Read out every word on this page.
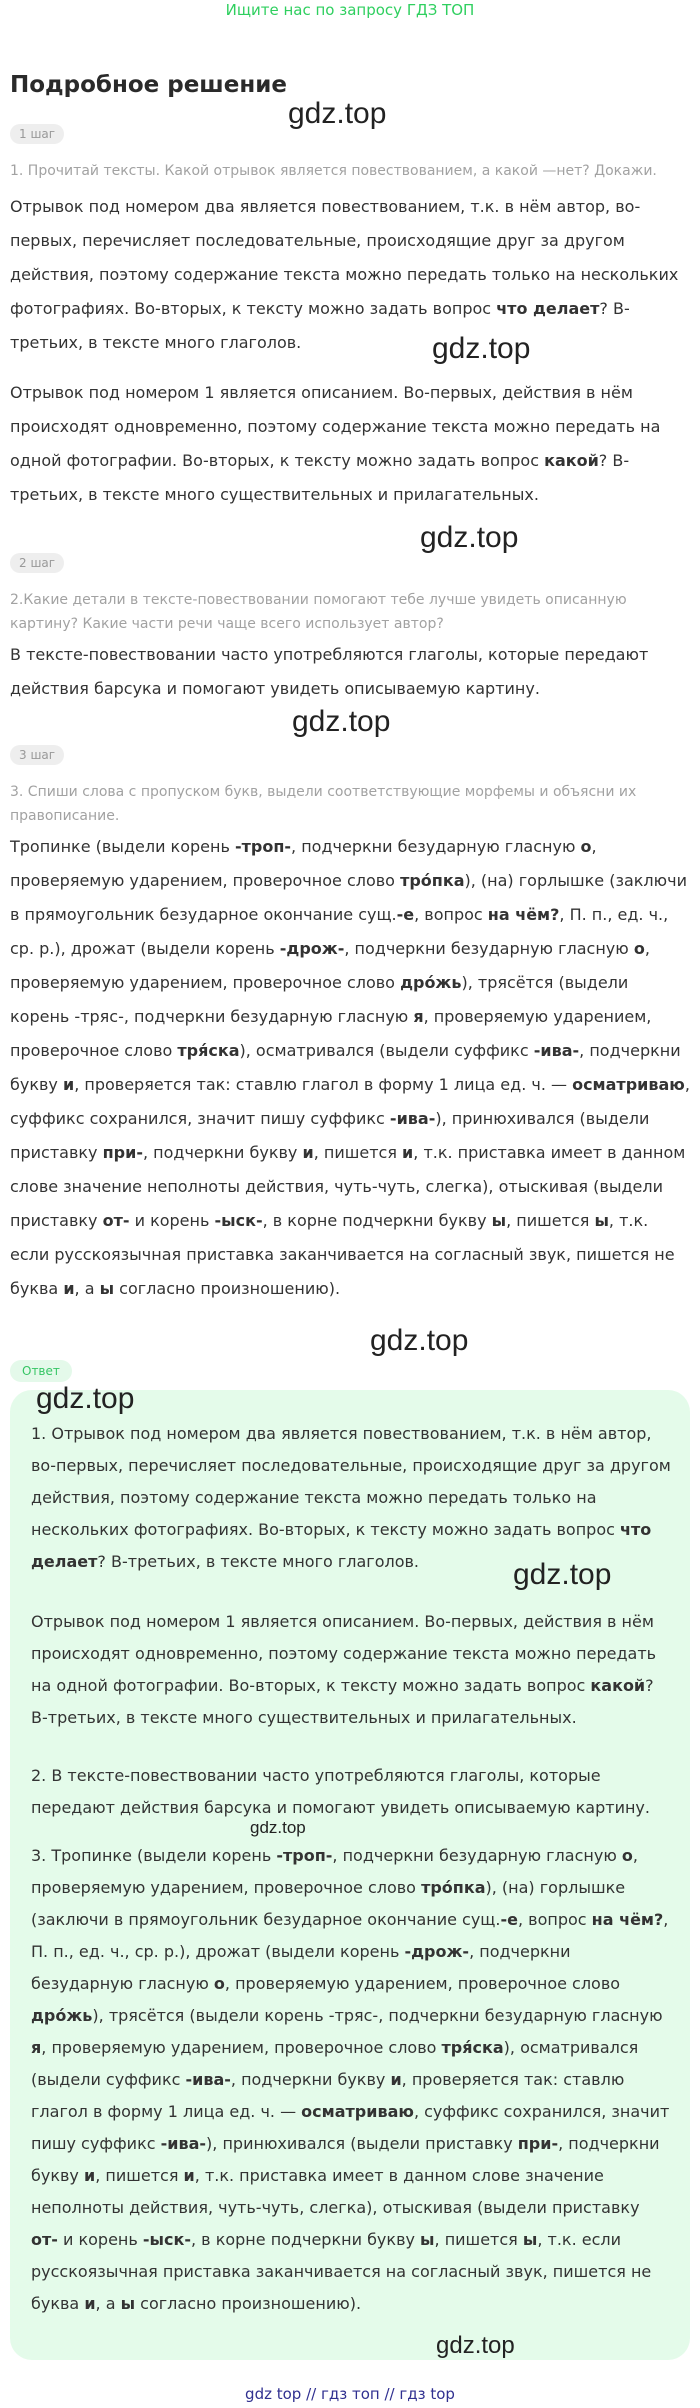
Ищите нас по запросу ГДЗ ТОП
Подробное решение
gdz.top
gdz.top
gdz.top
gdz.top
gdz.top
1 шаг
1. Прочитай тексты. Какой отрывок является повествованием, а какой —нет? Докажи.
Отрывок под номером два является повествованием, т.к. в нём автор, во-первых, перечисляет последовательные, происходящие друг за другом действия, поэтому содержание текста можно передать только на нескольких фотографиях. Во-вторых, к тексту можно задать вопрос что делает? В-третьих, в тексте много глаголов.
Отрывок под номером 1 является описанием. Во-первых, действия в нём происходят одновременно, поэтому содержание текста можно передать на одной фотографии. Во-вторых, к тексту можно задать вопрос какой? В-третьих, в тексте много существительных и прилагательных.
2 шаг
2.Какие детали в тексте-повествовании помогают тебе лучше увидеть описанную картину? Какие части речи чаще всего использует автор?
В тексте-повествовании часто употребляются глаголы, которые передают действия барсука и помогают увидеть описываемую картину.
3 шаг
3. Спиши слова с пропуском букв, выдели соответствующие морфемы и объясни их правописание.
Тропинке (выдели корень -троп-, подчеркни безударную гласную о, проверяемую ударением, проверочное слово тро́пка), (на) горлышке (заключи в прямоугольник безударное окончание сущ.-е, вопрос на чём?, П. п., ед. ч., ср. р.), дрожат (выдели корень -дрож-, подчеркни безударную гласную о, проверяемую ударением, проверочное слово дро́жь), трясётся (выдели корень -тряс-, подчеркни безударную гласную я, проверяемую ударением, проверочное слово тря́ска), осматривался (выдели суффикс -ива-, подчеркни букву и, проверяется так: ставлю глагол в форму 1 лица ед. ч. — осматриваю, суффикс сохранился, значит пишу суффикс -ива-), принюхивался (выдели приставку при-, подчеркни букву и, пишется и, т.к. приставка имеет в данном слове значение неполноты действия, чуть-чуть, слегка), отыскивая (выдели приставку от- и корень -ыск-, в корне подчеркни букву ы, пишется ы, т.к. если русскоязычная приставка заканчивается на согласный звук, пишется не буква и, а ы согласно произношению).
Ответ
gdz.top
1. Отрывок под номером два является повествованием, т.к. в нём автор, во-первых, перечисляет последовательные, происходящие друг за другом действия, поэтому содержание текста можно передать только на нескольких фотографиях. Во-вторых, к тексту можно задать вопрос что делает? В-третьих, в тексте много глаголов.	gdz.top
Отрывок под номером 1 является описанием. Во-первых, действия в нём происходят одновременно, поэтому содержание текста можно передать на одной фотографии. Во-вторых, к тексту можно задать вопрос какой? В-третьих, в тексте много существительных и прилагательных.
2. В тексте-повествовании часто употребляются глаголы, которые передают действия барсука и помогают увидеть описываемую картину.
gdz.top
3. Тропинке (выдели корень -троп-, подчеркни безударную гласную о, проверяемую ударением, проверочное слово тро́пка), (на) горлышке (заключи в прямоугольник безударное окончание сущ.-е, вопрос на чём?, П. п., ед. ч., ср. р.), дрожат (выдели корень -дрож-, подчеркни безударную гласную о, проверяемую ударением, проверочное слово дро́жь), трясётся (выдели корень -тряс-, подчеркни безударную гласную я, проверяемую ударением, проверочное слово тря́ска), осматривался (выдели суффикс -ива-, подчеркни букву и, проверяется так: ставлю глагол в форму 1 лица ед. ч. — осматриваю, суффикс сохранился, значит пишу суффикс -ива-), принюхивался (выдели приставку при-, подчеркни букву и, пишется и, т.к. приставка имеет в данном слове значение неполноты действия, чуть-чуть, слегка), отыскивая (выдели приставку от- и корень -ыск-, в корне подчеркни букву ы, пишется ы, т.к. если русскоязычная приставка заканчивается на согласный звук, пишется не буква и, а ы согласно произношению).
gdz.top
gdz top // гдз топ // гдз top
